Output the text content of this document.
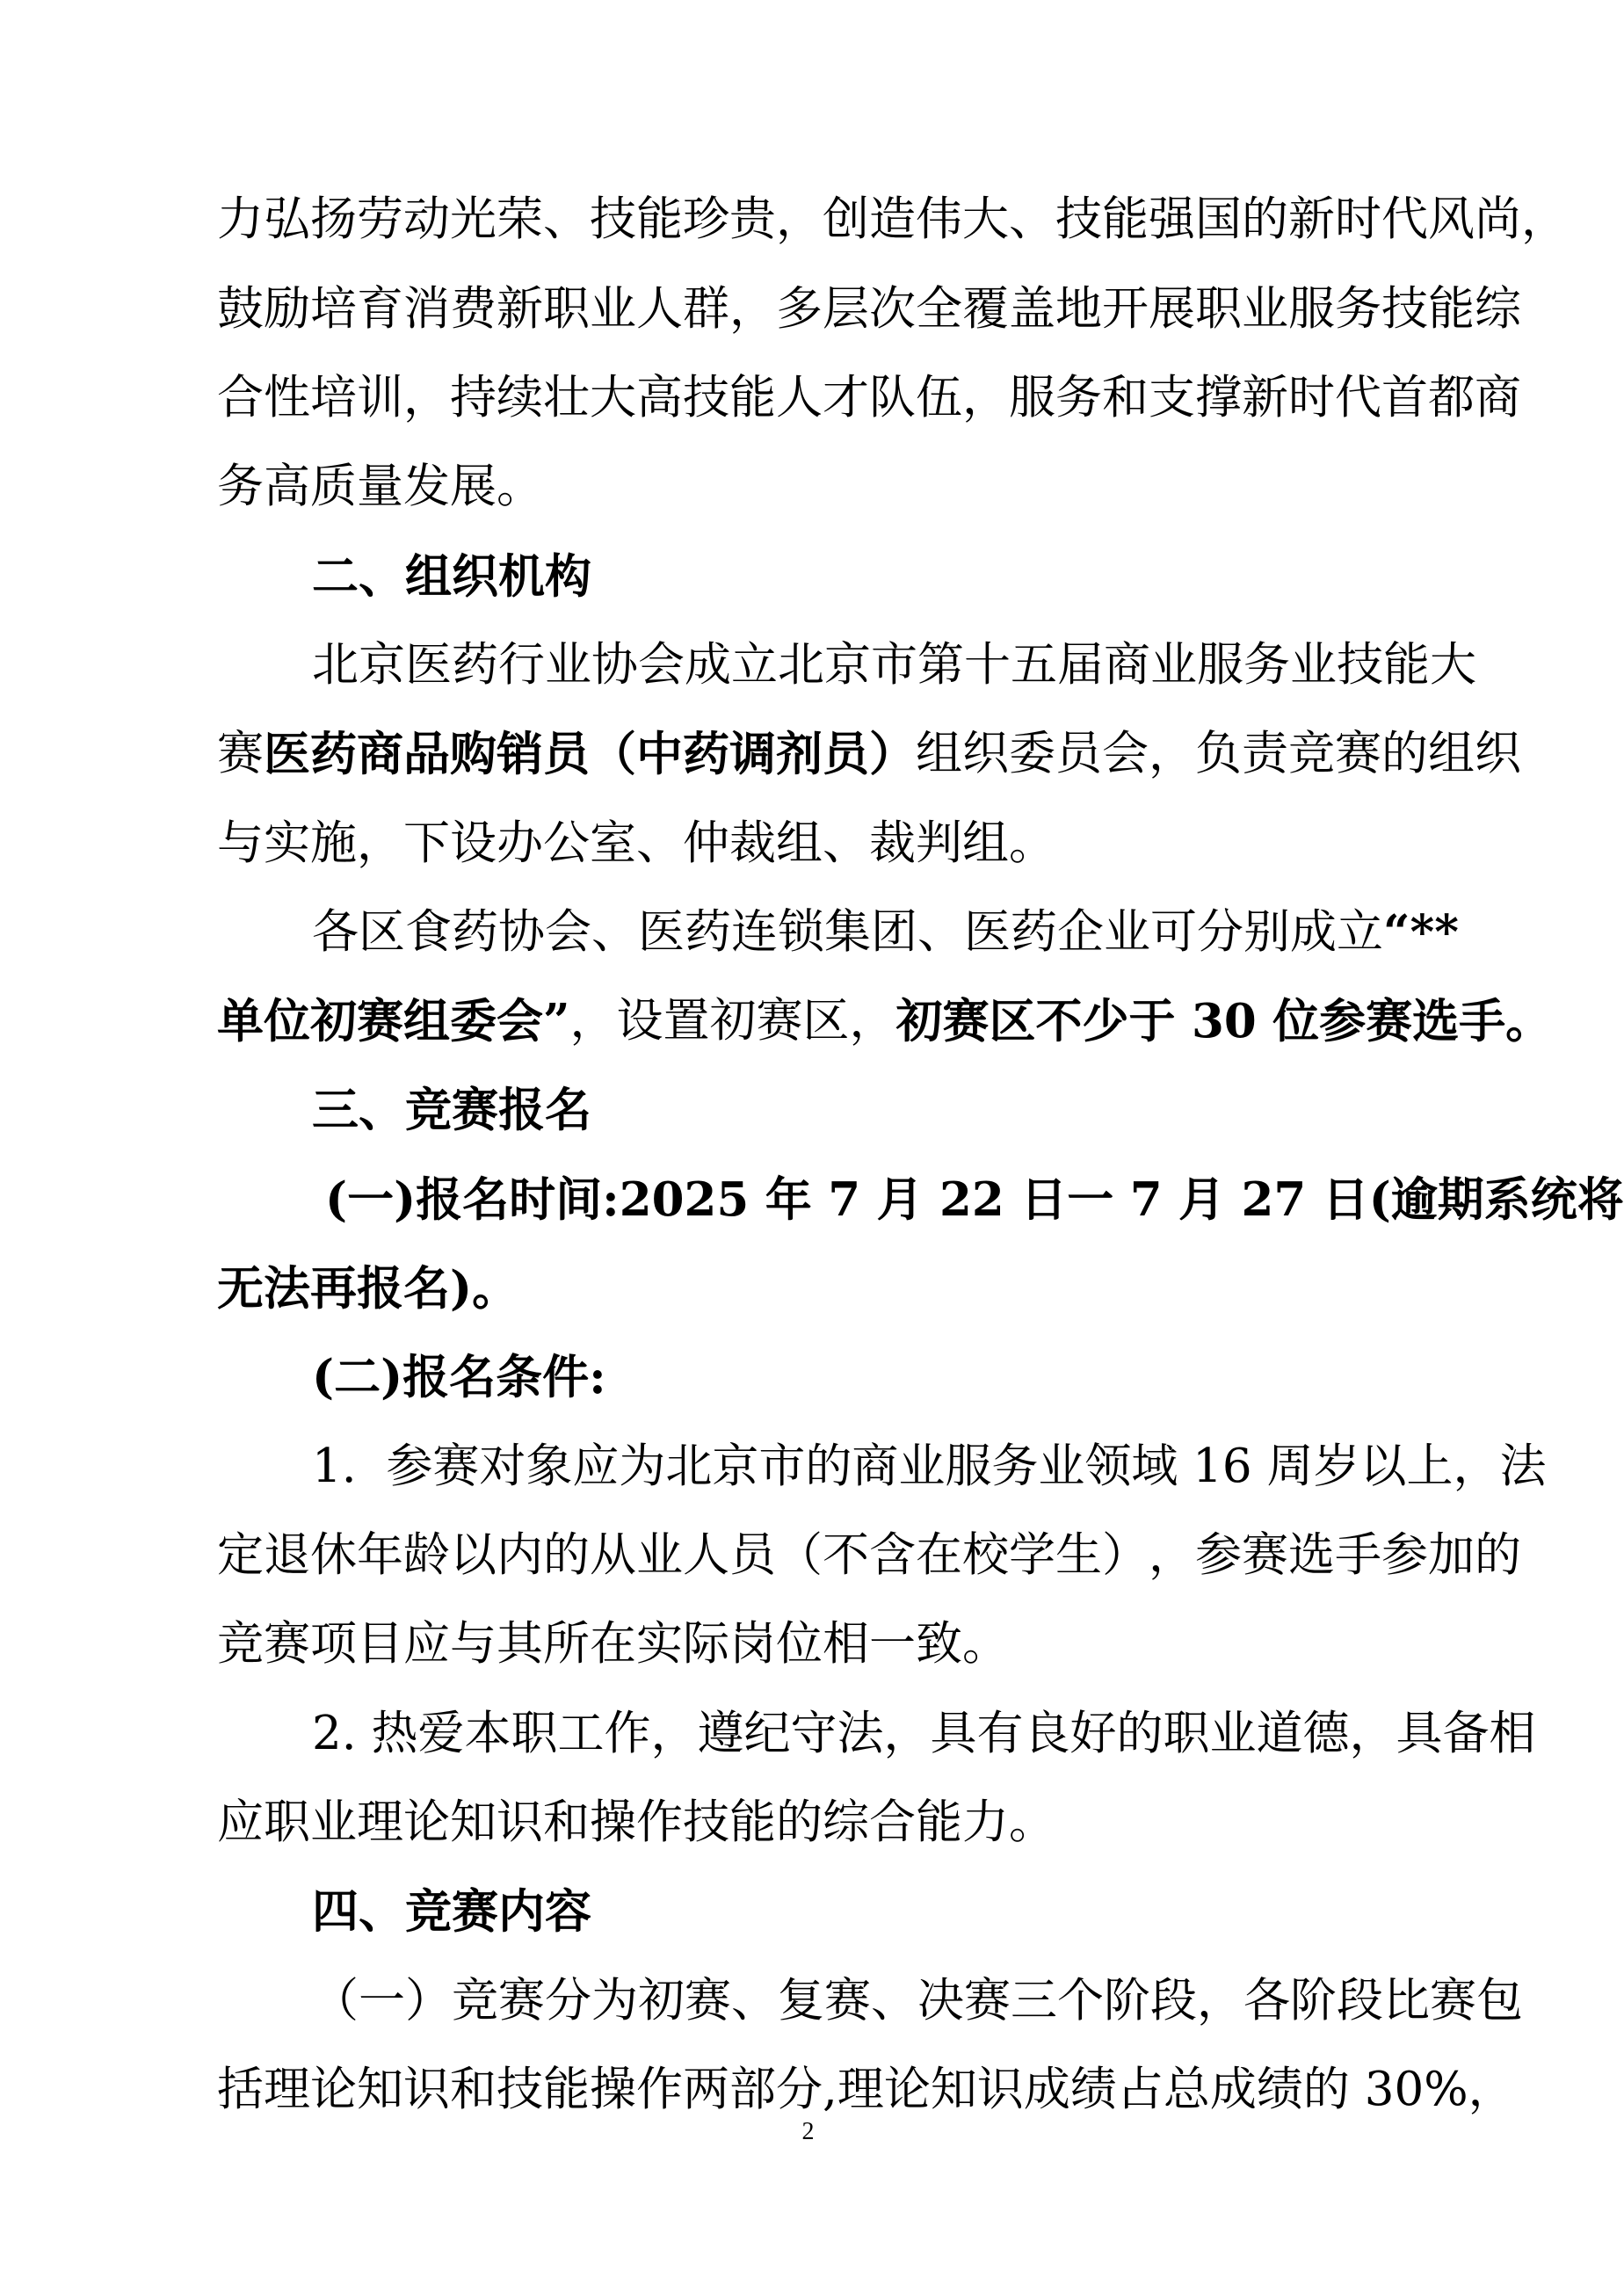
力 弘 扬 劳 动 光 荣 、 技 能 珍 贵 ， 创 造 伟 大 、 技 能 强 国 的 新 时 代 风 尚 ，

鼓 励 培 育 消 费 新 职 业 人 群 ， 多 层 次 全 覆 盖 地 开 展 职 业 服 务 技 能 综

合 性 培 训 ， 持 续 壮 大 高 技 能 人 才 队 伍 ， 服 务 和 支 撑 新 时 代 首 都 商

务高质量发展。

二、组织机构

北 京 医 药 行 业 协 会 成 立 北 京 市 第 十 五 届 商 业 服 务 业 技 能 大

赛 医药商品购销员（中药调剂员） 组织委员会，负责竞赛的组织

与实施，下设办公室、仲裁组、裁判组。

各区食药协会、医药连锁集团、医药企业可分别成立 “**

单位初赛组委会” ，设置初赛区， 初赛区不少于 30 位参赛选手。

三、竞赛报名

( 一 ) 报 名 时 间 : 2 0 2 5
年
7
月
2 2
日 一
7
月
2 7
日 ( 逾 期 系 统 将

无法再报名)。

(二)报名条件:

1 .

参 赛 对 象 应 为 北 京 市 的 商 业 服 务 业 领 域
1 6
周 岁 以 上 ， 法

定 退 休 年 龄 以 内 的 从 业 人 员 （ 不 含 在 校 学 生 ） ， 参 赛 选 手 参 加 的

竞赛项目应与其所在实际岗位相一致。

2 .
热 爱 本 职 工 作 ， 遵 纪 守 法 ， 具 有 良 好 的 职 业 道 德 ， 具 备 相

应职业理论知识和操作技能的综合能力。

四、竞赛内容

（ 一 ） 竞 赛 分 为 初 赛 、 复 赛 、 决 赛 三 个 阶 段 ， 各 阶 段 比 赛 包

括 理 论 知 识 和 技 能 操 作 两 部 分 , 理 论 知 识 成 绩 占 总 成 绩 的
3 0 % ，

2
